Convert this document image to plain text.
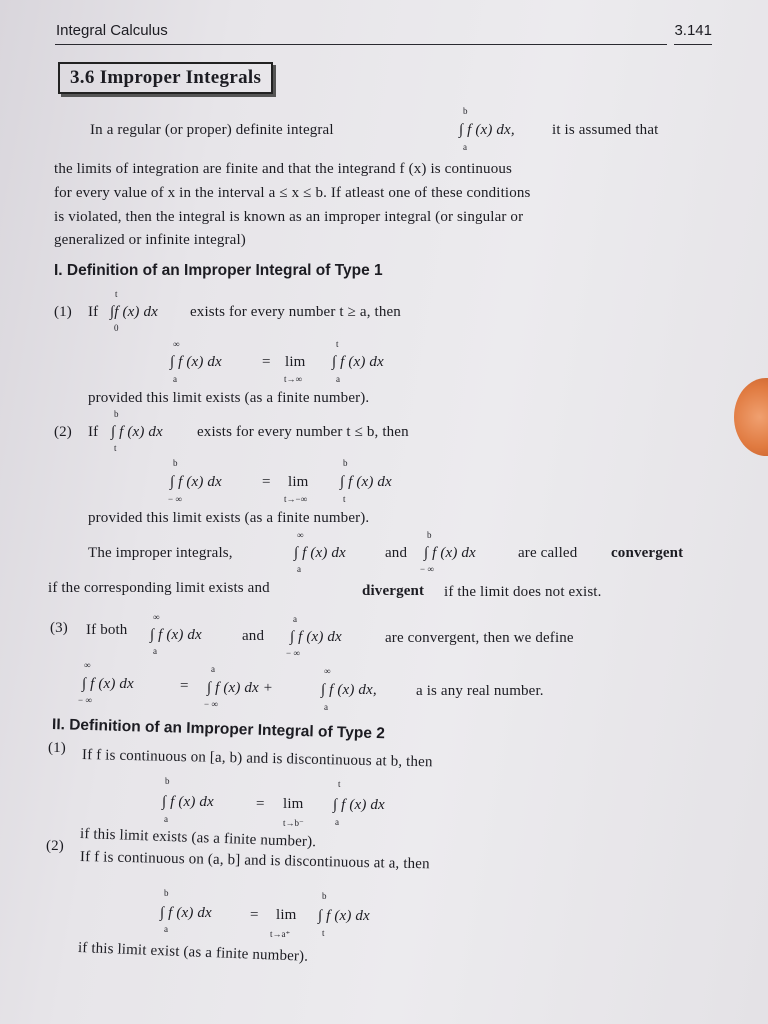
Integral Calculus	3.141
3.6 Improper Integrals
In a regular (or proper) definite integral
b
∫ f (x) dx,
a
it is assumed that
the limits of integration are finite and that the integrand f (x) is continuous
for every value of x in the interval a ≤ x ≤ b. If atleast one of these conditions
is violated, then the integral is known as an improper integral (or singular or
generalized or infinite integral)
I. Definition of an Improper Integral of Type 1
(1) If
t
∫f (x) dx
0
exists for every number t ≥ a, then
∞
∫ f (x) dx
a
= lim
t→∞
t
∫ f (x) dx
a
provided this limit exists (as a finite number).
(2) If
b
∫ f (x) dx
t
exists for every number t ≤ b, then
b
∫ f (x) dx
− ∞
= lim
t→−∞
b
∫ f (x) dx
t
provided this limit exists (as a finite number).
The improper integrals,
∞
∫ f (x) dx
a
and
b
∫ f (x) dx
− ∞
are called convergent
if the corresponding limit exists and	divergent if the limit does not exist.
(3) If both
∞
∫ f (x) dx
a
and
a
∫ f (x) dx
− ∞
are convergent, then we define
∞
∫ f (x) dx
− ∞
=
a
∫ f (x) dx +
− ∞
∞
∫ f (x) dx,
a
a is any real number.
II. Definition of an Improper Integral of Type 2
(1) If f is continuous on [a, b) and is discontinuous at b, then
b
∫ f (x) dx
a
= lim
t→b⁻
t
∫ f (x) dx
a
if this limit exists (as a finite number).
(2)
If f is continuous on (a, b] and is discontinuous at a, then
b
∫ f (x) dx
a
= lim
t→a⁺
b
∫ f (x) dx
t
if this limit exist (as a finite number).
